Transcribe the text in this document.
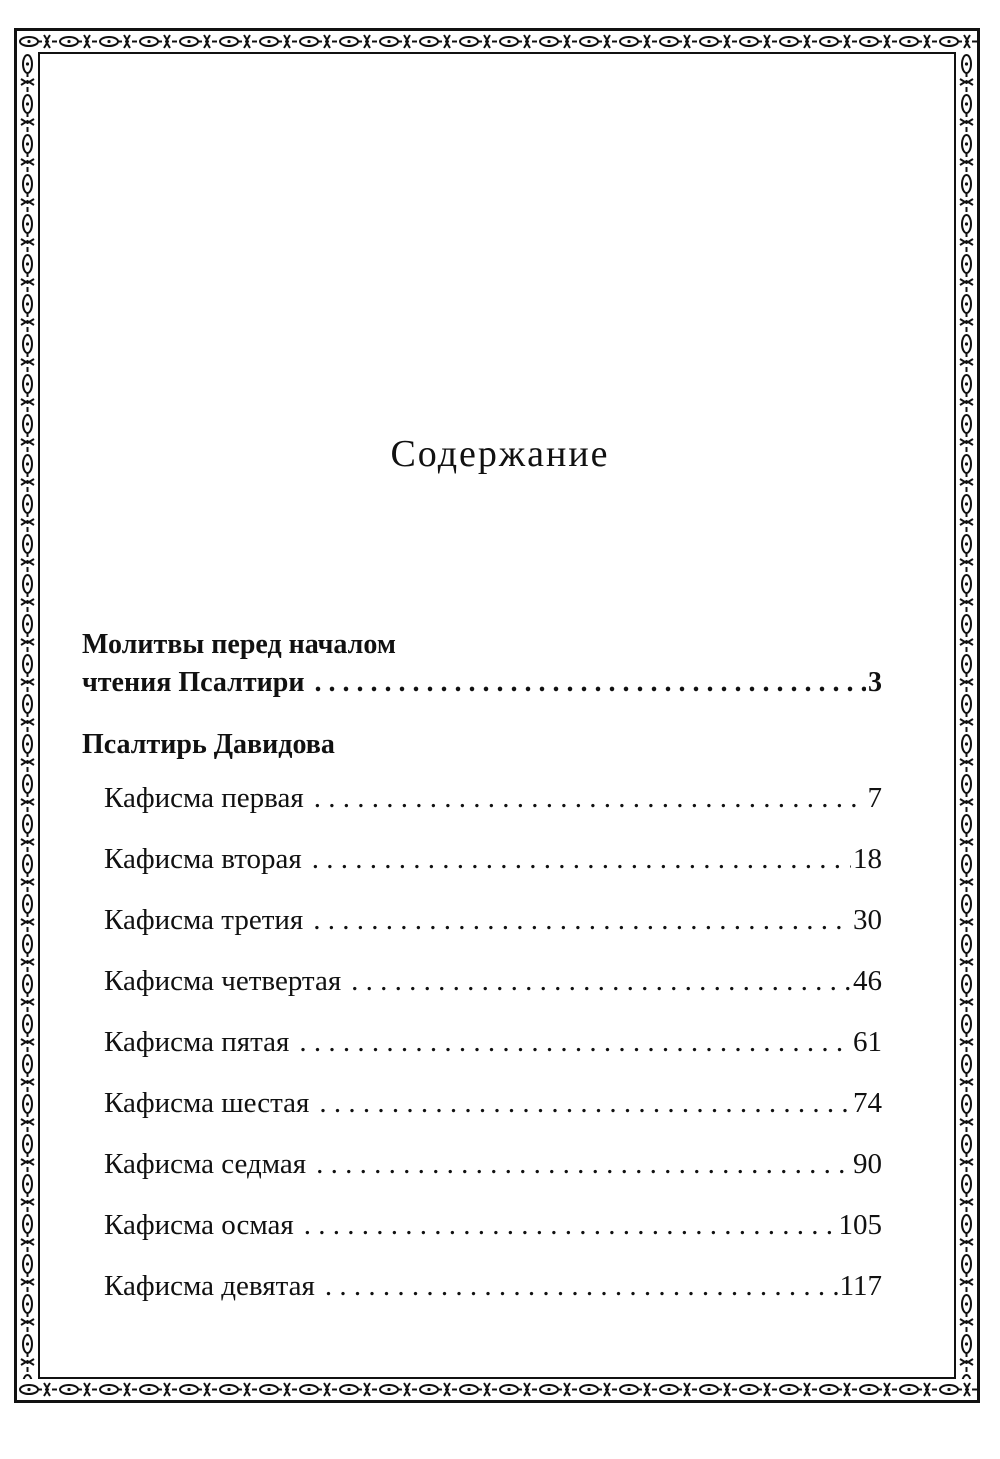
Содержание
Молитвы перед началом
чтения Псалтири . . .	3
Псалтирь Давидова
Кафисма первая . . .	7
Кафисма вторая . . .	18
Кафисма третия . . .	30
Кафисма четвертая . . .	46
Кафисма пятая . . .	61
Кафисма шестая . . .	74
Кафисма седмая . . .	90
Кафисма осмая . . .	105
Кафисма девятая . . .	117
